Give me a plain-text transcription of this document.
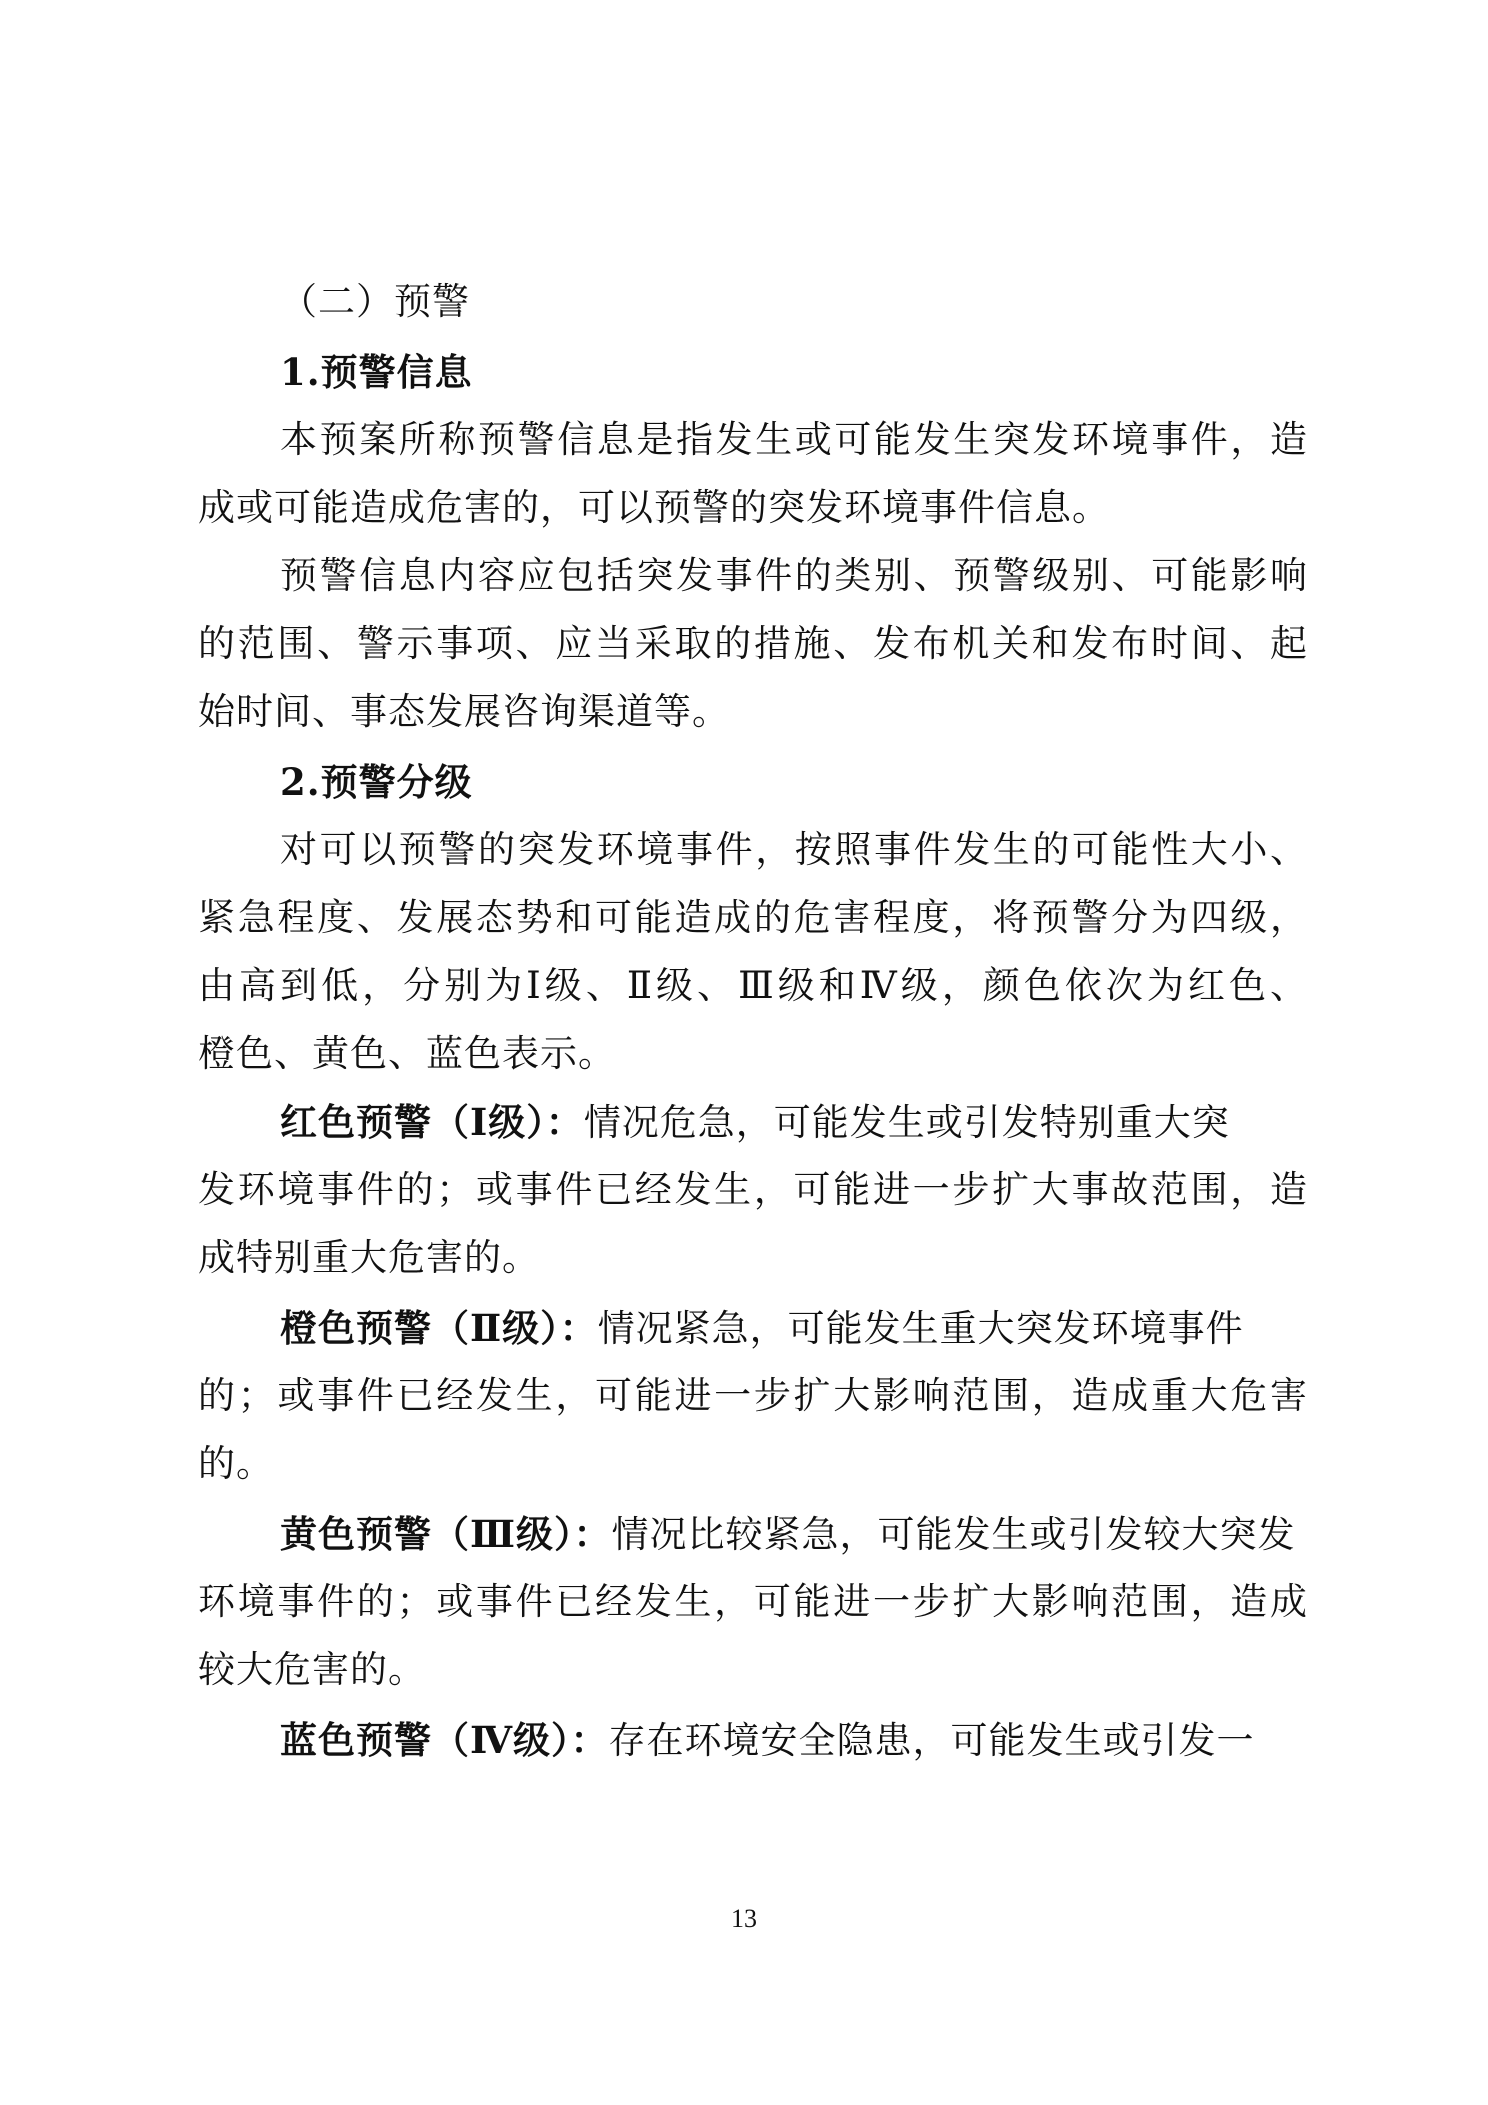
（二）预警
1.预警信息
本预案所称预警信息是指发生或可能发生突发环境事件，造
成或可能造成危害的，可以预警的突发环境事件信息。
预警信息内容应包括突发事件的类别、预警级别、可能影响
的范围、警示事项、应当采取的措施、发布机关和发布时间、起
始时间、事态发展咨询渠道等。
2.预警分级
对可以预警的突发环境事件，按照事件发生的可能性大小、
紧急程度、发展态势和可能造成的危害程度，将预警分为四级，
由高到低，分别为Ⅰ级、Ⅱ级、Ⅲ级和Ⅳ级，颜色依次为红色、
橙色、黄色、蓝色表示。
红色预警（Ⅰ级）：情况危急，可能发生或引发特别重大突
发环境事件的；或事件已经发生，可能进一步扩大事故范围，造
成特别重大危害的。
橙色预警（Ⅱ级）：情况紧急，可能发生重大突发环境事件
的；或事件已经发生，可能进一步扩大影响范围，造成重大危害
的。
黄色预警（Ⅲ级）：情况比较紧急，可能发生或引发较大突发
环境事件的；或事件已经发生，可能进一步扩大影响范围，造成
较大危害的。
蓝色预警（Ⅳ级）：存在环境安全隐患，可能发生或引发一
13
